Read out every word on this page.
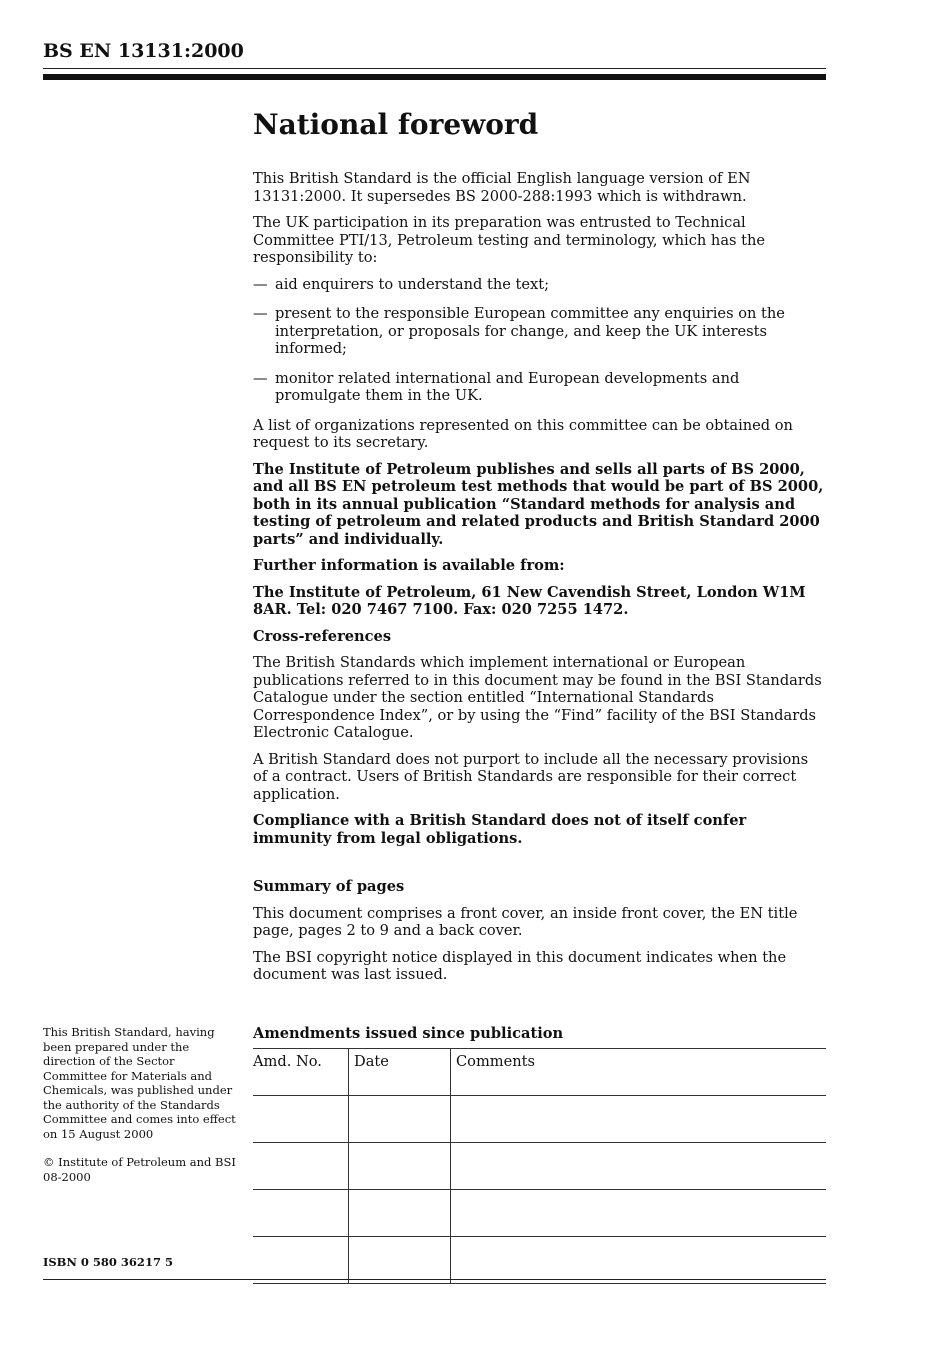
BS EN 13131:2000
National foreword

This British Standard is the official English language version of EN 13131:2000. It supersedes BS 2000-288:1993 which is withdrawn.

The UK participation in its preparation was entrusted to Technical Committee PTI/13, Petroleum testing and terminology, which has the responsibility to:

— aid enquirers to understand the text;
— present to the responsible European committee any enquiries on the interpretation, or proposals for change, and keep the UK interests informed;
— monitor related international and European developments and promulgate them in the UK.

A list of organizations represented on this committee can be obtained on request to its secretary.

The Institute of Petroleum publishes and sells all parts of BS 2000, and all BS EN petroleum test methods that would be part of BS 2000, both in its annual publication “Standard methods for analysis and testing of petroleum and related products and British Standard 2000 parts” and individually.

Further information is available from:

The Institute of Petroleum, 61 New Cavendish Street, London W1M 8AR. Tel: 020 7467 7100. Fax: 020 7255 1472.

Cross-references

The British Standards which implement international or European publications referred to in this document may be found in the BSI Standards Catalogue under the section entitled “International Standards Correspondence Index”, or by using the “Find” facility of the BSI Standards Electronic Catalogue.

A British Standard does not purport to include all the necessary provisions of a contract. Users of British Standards are responsible for their correct application.

Compliance with a British Standard does not of itself confer immunity from legal obligations.

Summary of pages

This document comprises a front cover, an inside front cover, the EN title page, pages 2 to 9 and a back cover.

The BSI copyright notice displayed in this document indicates when the document was last issued.

This British Standard, having been prepared under the direction of the Sector Committee for Materials and Chemicals, was published under the authority of the Standards Committee and comes into effect on 15 August 2000

© Institute of Petroleum and BSI 08-2000

Amendments issued since publication
Amd. No.	Date	Comments

ISBN 0 580 36217 5
